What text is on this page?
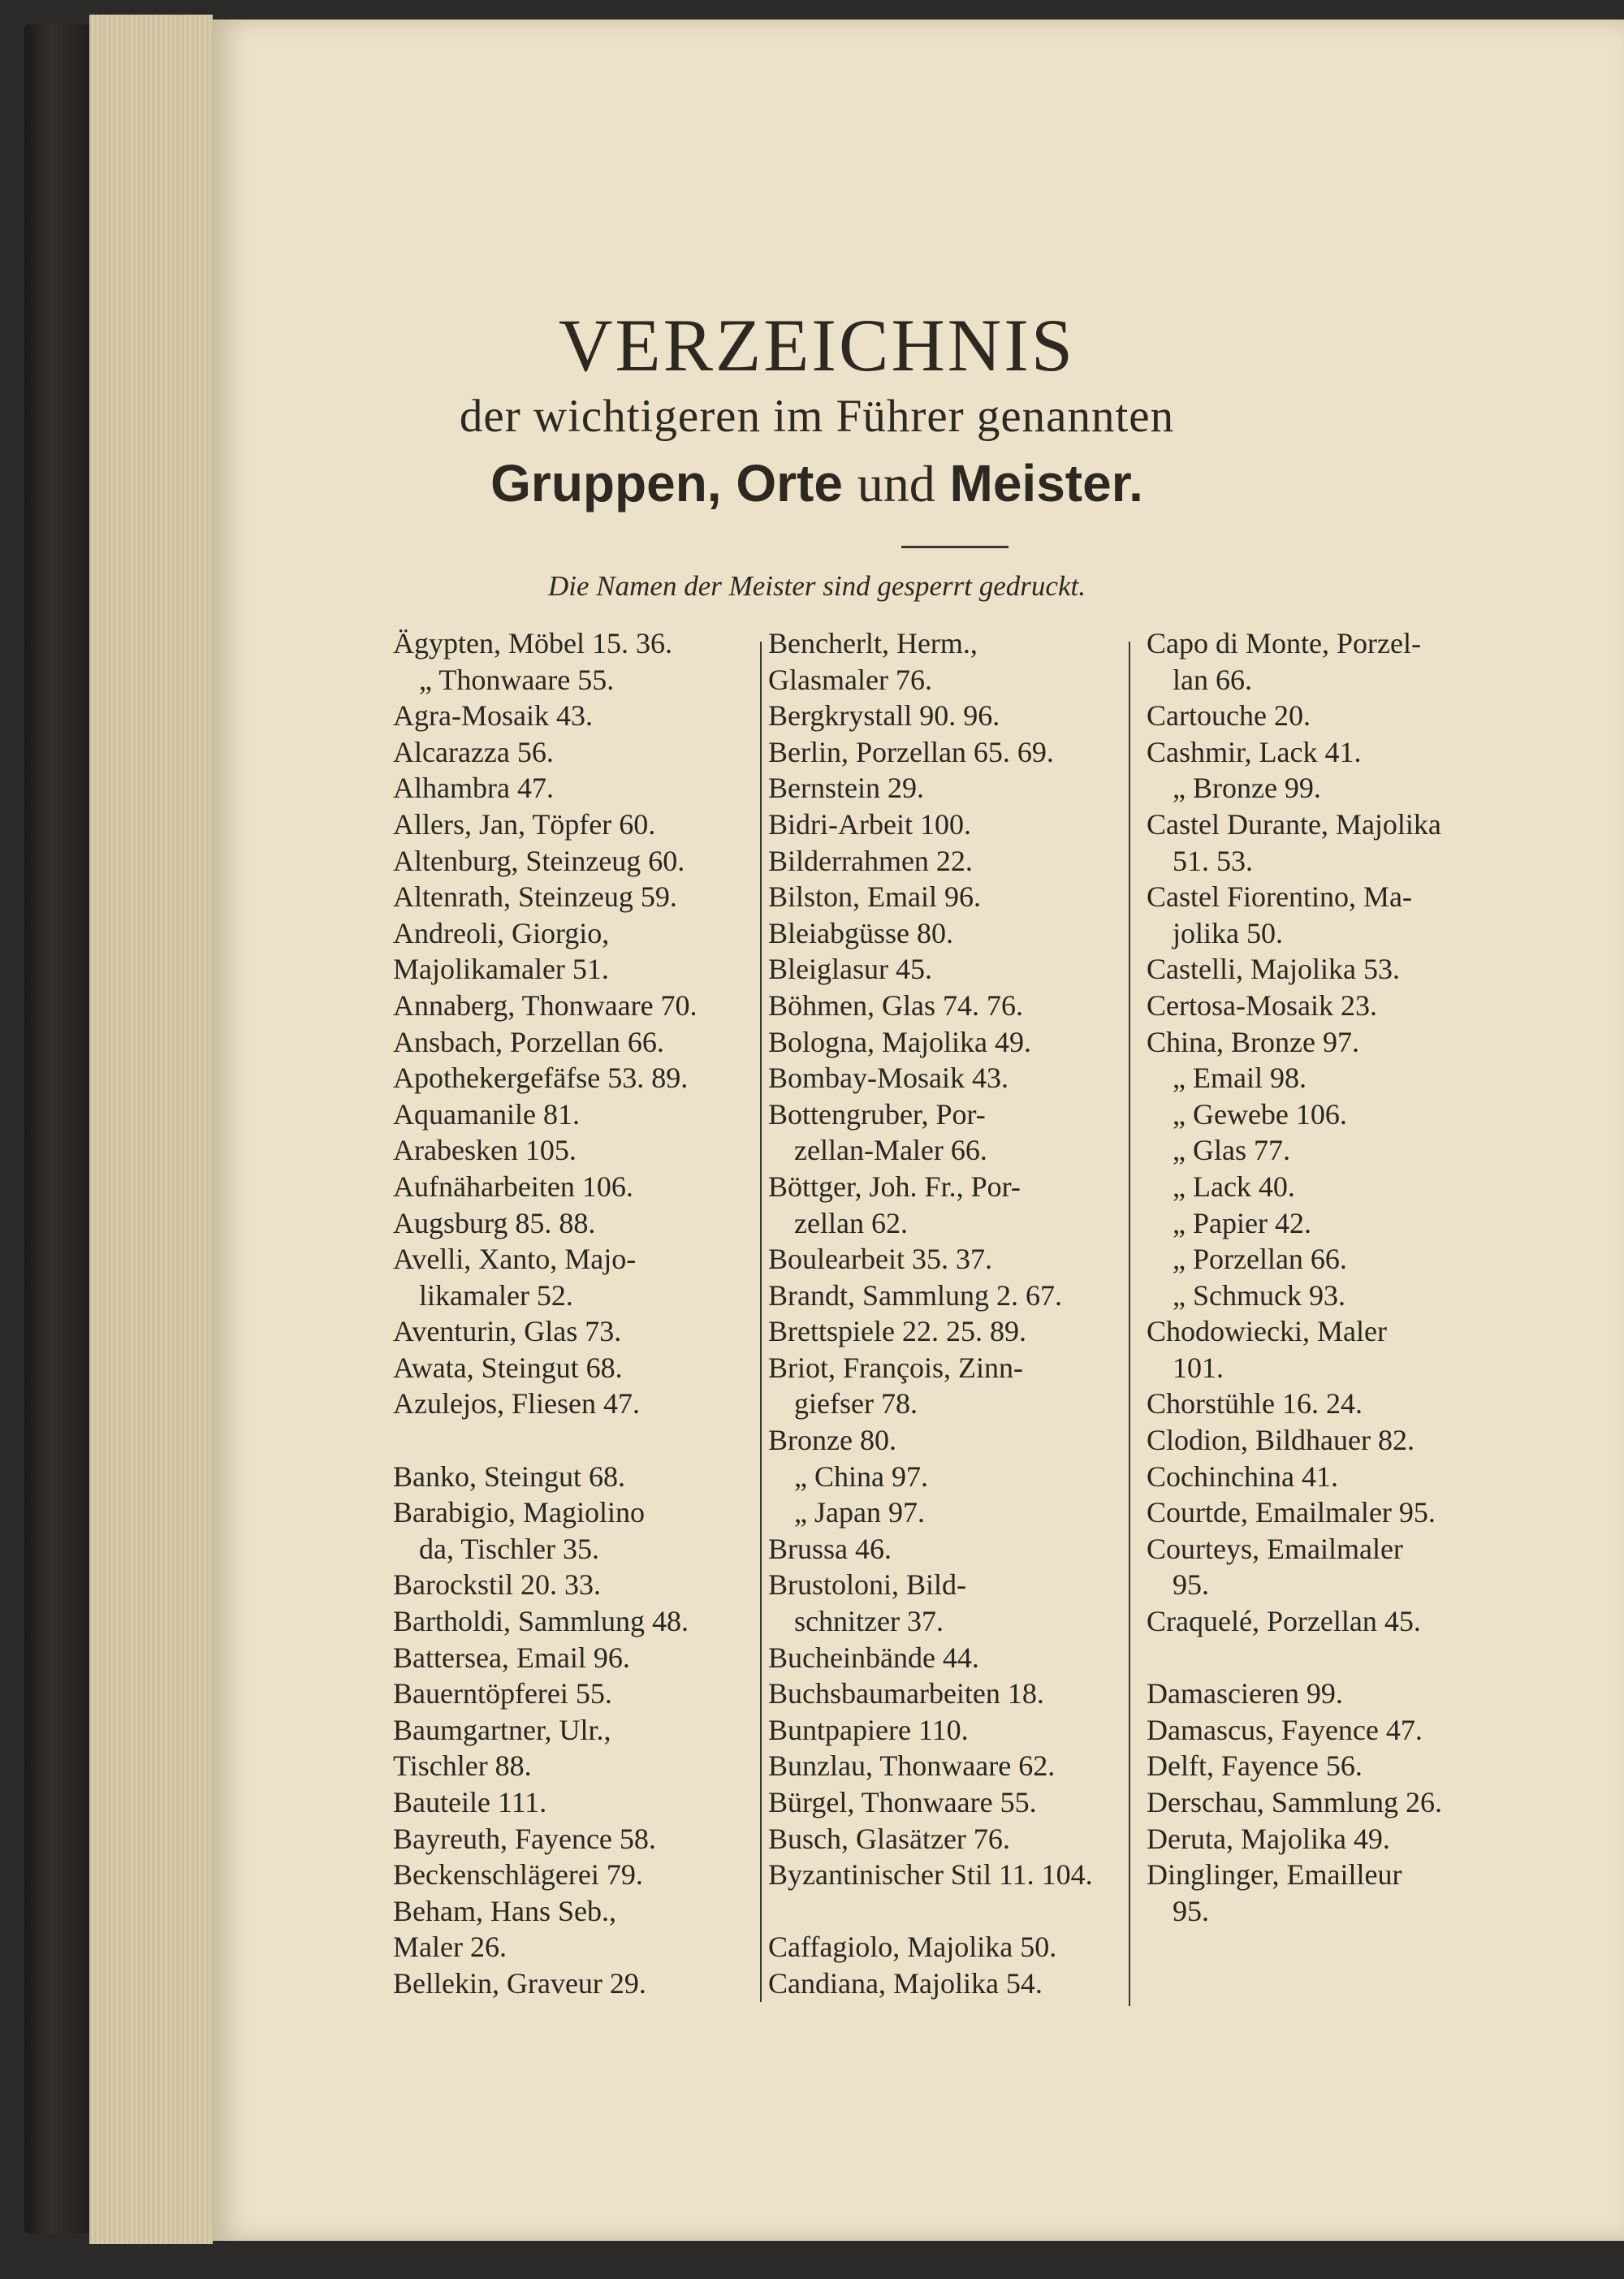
VERZEICHNIS
der wichtigeren im Führer genannten
Gruppen, Orte und Meister.
Die Namen der Meister sind gesperrt gedruckt.
Ägypten, Möbel 15. 36.
„ Thonwaare 55.
Agra-Mosaik 43.
Alcarazza 56.
Alhambra 47.
Allers, Jan, Töpfer 60.
Altenburg, Steinzeug 60.
Altenrath, Steinzeug 59.
Andreoli, Giorgio,
Majolikamaler 51.
Annaberg, Thonwaare 70.
Ansbach, Porzellan 66.
Apothekergefäfse 53. 89.
Aquamanile 81.
Arabesken 105.
Aufnäharbeiten 106.
Augsburg 85. 88.
Avelli, Xanto, Majo-
likamaler 52.
Aventurin, Glas 73.
Awata, Steingut 68.
Azulejos, Fliesen 47.
Banko, Steingut 68.
Barabigio, Magiolino
da, Tischler 35.
Barockstil 20. 33.
Bartholdi, Sammlung 48.
Battersea, Email 96.
Bauerntöpferei 55.
Baumgartner, Ulr.,
Tischler 88.
Bauteile 111.
Bayreuth, Fayence 58.
Beckenschlägerei 79.
Beham, Hans Seb.,
Maler 26.
Bellekin, Graveur 29.
Bencherlt, Herm.,
Glasmaler 76.
Bergkrystall 90. 96.
Berlin, Porzellan 65. 69.
Bernstein 29.
Bidri-Arbeit 100.
Bilderrahmen 22.
Bilston, Email 96.
Bleiabgüsse 80.
Bleiglasur 45.
Böhmen, Glas 74. 76.
Bologna, Majolika 49.
Bombay-Mosaik 43.
Bottengruber, Por-
zellan-Maler 66.
Böttger, Joh. Fr., Por-
zellan 62.
Boulearbeit 35. 37.
Brandt, Sammlung 2. 67.
Brettspiele 22. 25. 89.
Briot, François, Zinn-
giefser 78.
Bronze 80.
„ China 97.
„ Japan 97.
Brussa 46.
Brustoloni, Bild-
schnitzer 37.
Bucheinbände 44.
Buchsbaumarbeiten 18.
Buntpapiere 110.
Bunzlau, Thonwaare 62.
Bürgel, Thonwaare 55.
Busch, Glasätzer 76.
Byzantinischer Stil 11. 104.
Caffagiolo, Majolika 50.
Candiana, Majolika 54.
Capo di Monte, Porzel-
lan 66.
Cartouche 20.
Cashmir, Lack 41.
„ Bronze 99.
Castel Durante, Majolika
51. 53.
Castel Fiorentino, Ma-
jolika 50.
Castelli, Majolika 53.
Certosa-Mosaik 23.
China, Bronze 97.
„ Email 98.
„ Gewebe 106.
„ Glas 77.
„ Lack 40.
„ Papier 42.
„ Porzellan 66.
„ Schmuck 93.
Chodowiecki, Maler
101.
Chorstühle 16. 24.
Clodion, Bildhauer 82.
Cochinchina 41.
Courtde, Emailmaler 95.
Courteys, Emailmaler
95.
Craquelé, Porzellan 45.
Damascieren 99.
Damascus, Fayence 47.
Delft, Fayence 56.
Derschau, Sammlung 26.
Deruta, Majolika 49.
Dinglinger, Emailleur
95.
